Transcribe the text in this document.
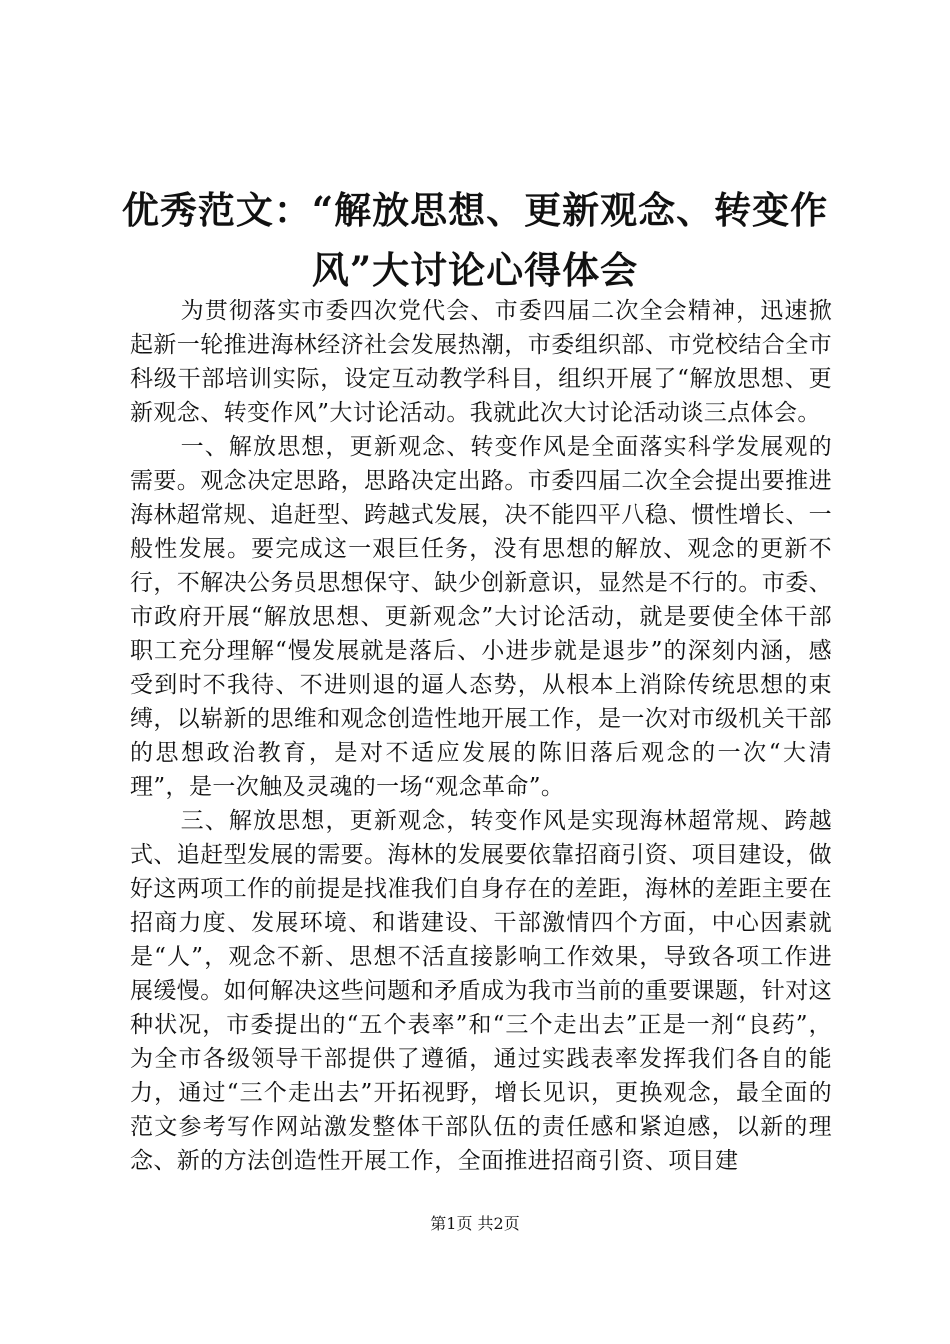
优秀范文：“解放思想、更新观念、转变作
风”大讨论心得体会

为贯彻落实市委四次党代会、市委四届二次全会精神，迅速掀起新一轮推进海林经济社会发展热潮，市委组织部、市党校结合全市科级干部培训实际，设定互动教学科目，组织开展了“解放思想、更新观念、转变作风”大讨论活动。我就此次大讨论活动谈三点体会。

一、解放思想，更新观念、转变作风是全面落实科学发展观的需要。观念决定思路，思路决定出路。市委四届二次全会提出要推进海林超常规、追赶型、跨越式发展，决不能四平八稳、惯性增长、一般性发展。要完成这一艰巨任务，没有思想的解放、观念的更新不行，不解决公务员思想保守、缺少创新意识，显然是不行的。市委、市政府开展“解放思想、更新观念”大讨论活动，就是要使全体干部职工充分理解“慢发展就是落后、小进步就是退步”的深刻内涵，感受到时不我待、不进则退的逼人态势，从根本上消除传统思想的束缚，以崭新的思维和观念创造性地开展工作，是一次对市级机关干部的思想政治教育，是对不适应发展的陈旧落后观念的一次“大清理”，是一次触及灵魂的一场“观念革命”。

三、解放思想，更新观念，转变作风是实现海林超常规、跨越式、追赶型发展的需要。海林的发展要依靠招商引资、项目建设，做好这两项工作的前提是找准我们自身存在的差距，海林的差距主要在招商力度、发展环境、和谐建设、干部激情四个方面，中心因素就是“人”，观念不新、思想不活直接影响工作效果，导致各项工作进展缓慢。如何解决这些问题和矛盾成为我市当前的重要课题，针对这种状况，市委提出的“五个表率”和“三个走出去”正是一剂“良药”，为全市各级领导干部提供了遵循，通过实践表率发挥我们各自的能力，通过“三个走出去”开拓视野，增长见识，更换观念，最全面的范文参考写作网站激发整体干部队伍的责任感和紧迫感，以新的理念、新的方法创造性开展工作，全面推进招商引资、项目建

第1页 共2页
